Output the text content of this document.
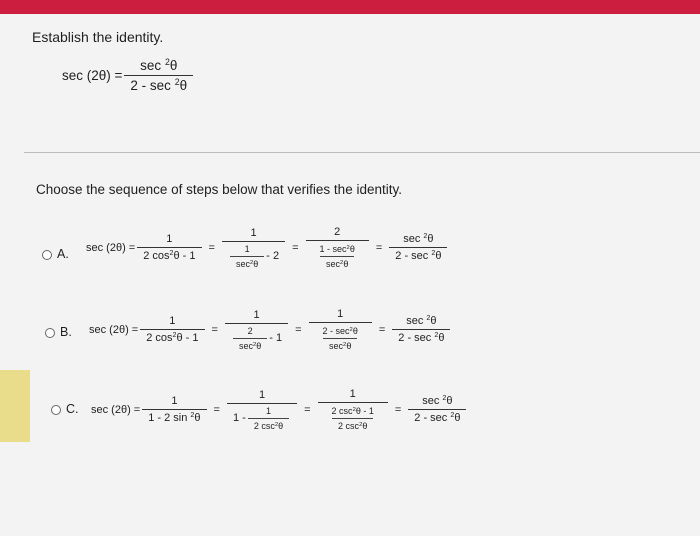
Establish the identity.
$\sec (2\theta) = \frac{\sec ^2\theta}{2 - \sec ^2\theta}$
Choose the sequence of steps below that verifies the identity.
A. $\sec (2\theta) = \frac{1}{2 \cos^2\theta - 1} = \frac{1}{\frac{1}{\sec^2\theta} - 2} = \frac{2}{\frac{1 - \sec^2\theta}{\sec^2\theta}} = \frac{\sec ^2\theta}{2 - \sec ^2\theta}$
B. $\sec (2\theta) = \frac{1}{2 \cos^2\theta - 1} = \frac{1}{\frac{2}{\sec^2\theta} - 1} = \frac{1}{\frac{2 - \sec^2\theta}{\sec^2\theta}} = \frac{\sec ^2\theta}{2 - \sec ^2\theta}$
C. $\sec (2\theta) = \frac{1}{1 - 2 \sin ^2\theta} = \frac{1}{1 - \frac{1}{2 \csc^2\theta}} = \frac{1}{\frac{2 \csc^2\theta - 1}{2 \csc^2\theta}} = \frac{\sec ^2\theta}{2 - \sec ^2\theta}$
